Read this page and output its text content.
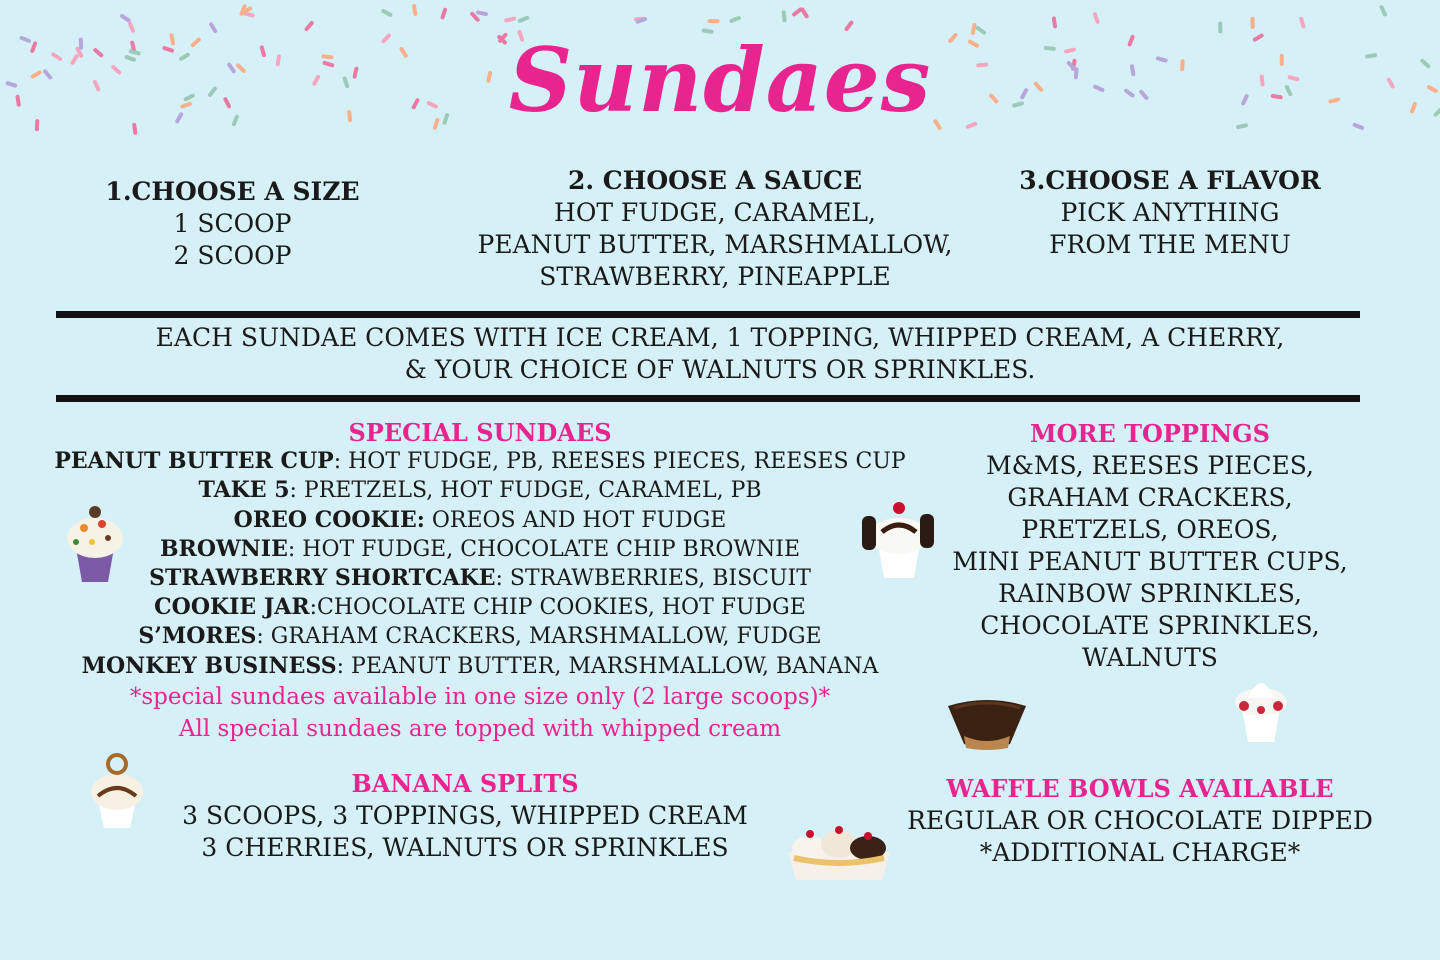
Sundaes
1.CHOOSE A SIZE
1 SCOOP
2 SCOOP
2. CHOOSE A SAUCE
HOT FUDGE, CARAMEL,
PEANUT BUTTER, MARSHMALLOW,
STRAWBERRY, PINEAPPLE
3.CHOOSE A FLAVOR
PICK ANYTHING
FROM THE MENU
EACH SUNDAE COMES WITH ICE CREAM, 1 TOPPING, WHIPPED CREAM, A CHERRY,
& YOUR CHOICE OF WALNUTS OR SPRINKLES.
SPECIAL SUNDAES
PEANUT BUTTER CUP: HOT FUDGE, PB, REESES PIECES, REESES CUP
TAKE 5: PRETZELS, HOT FUDGE, CARAMEL, PB
OREO COOKIE: OREOS AND HOT FUDGE
BROWNIE: HOT FUDGE, CHOCOLATE CHIP BROWNIE
STRAWBERRY SHORTCAKE: STRAWBERRIES, BISCUIT
COOKIE JAR:CHOCOLATE CHIP COOKIES, HOT FUDGE
S’MORES: GRAHAM CRACKERS, MARSHMALLOW, FUDGE
MONKEY BUSINESS: PEANUT BUTTER, MARSHMALLOW, BANANA
*special sundaes available in one size only (2 large scoops)*
All special sundaes are topped with whipped cream
MORE TOPPINGS
M&MS, REESES PIECES,
GRAHAM CRACKERS,
PRETZELS, OREOS,
MINI PEANUT BUTTER CUPS,
RAINBOW SPRINKLES,
CHOCOLATE SPRINKLES,
WALNUTS
BANANA SPLITS
3 SCOOPS, 3 TOPPINGS, WHIPPED CREAM
3 CHERRIES, WALNUTS OR SPRINKLES
WAFFLE BOWLS AVAILABLE
REGULAR OR CHOCOLATE DIPPED
*ADDITIONAL CHARGE*
